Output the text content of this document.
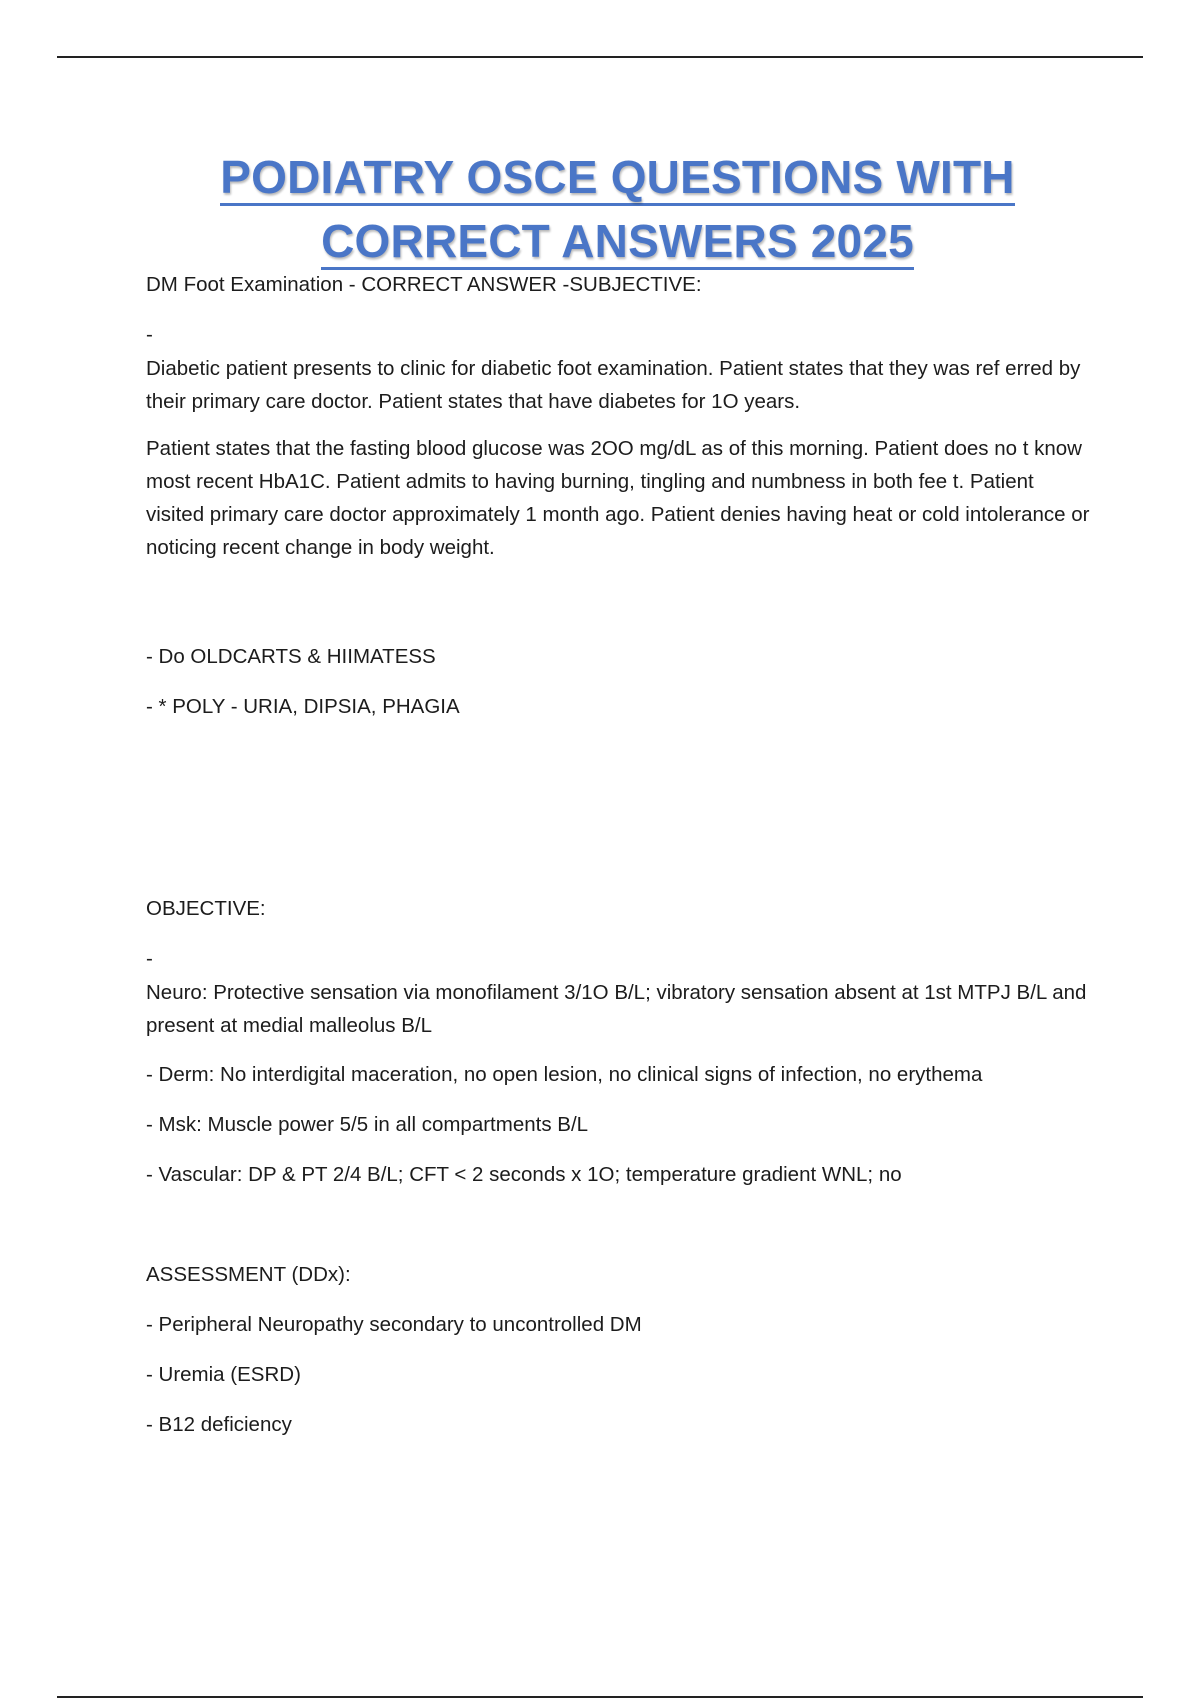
PODIATRY OSCE QUESTIONS WITH
CORRECT ANSWERS 2025

DM Foot Examination - CORRECT ANSWER -SUBJECTIVE:

-

Diabetic patient presents to clinic for diabetic foot examination. Patient states that they was ref erred by their primary care doctor. Patient states that have diabetes for 1O years.

Patient states that the fasting blood glucose was 2OO mg/dL as of this morning. Patient does no t know most recent HbA1C. Patient admits to having burning, tingling and numbness in both fee t. Patient visited primary care doctor approximately 1 month ago. Patient denies having heat or cold intolerance or noticing recent change in body weight.

- Do OLDCARTS & HIIMATESS

- * POLY - URIA, DIPSIA, PHAGIA

OBJECTIVE:

-

Neuro: Protective sensation via monofilament 3/1O B/L; vibratory sensation absent at 1st MTPJ B/L and present at medial malleolus B/L

- Derm: No interdigital maceration, no open lesion, no clinical signs of infection, no erythema

- Msk: Muscle power 5/5 in all compartments B/L

- Vascular: DP & PT 2/4 B/L; CFT < 2 seconds x 1O; temperature gradient WNL; no

ASSESSMENT (DDx):

- Peripheral Neuropathy secondary to uncontrolled DM

- Uremia (ESRD)

- B12 deficiency
